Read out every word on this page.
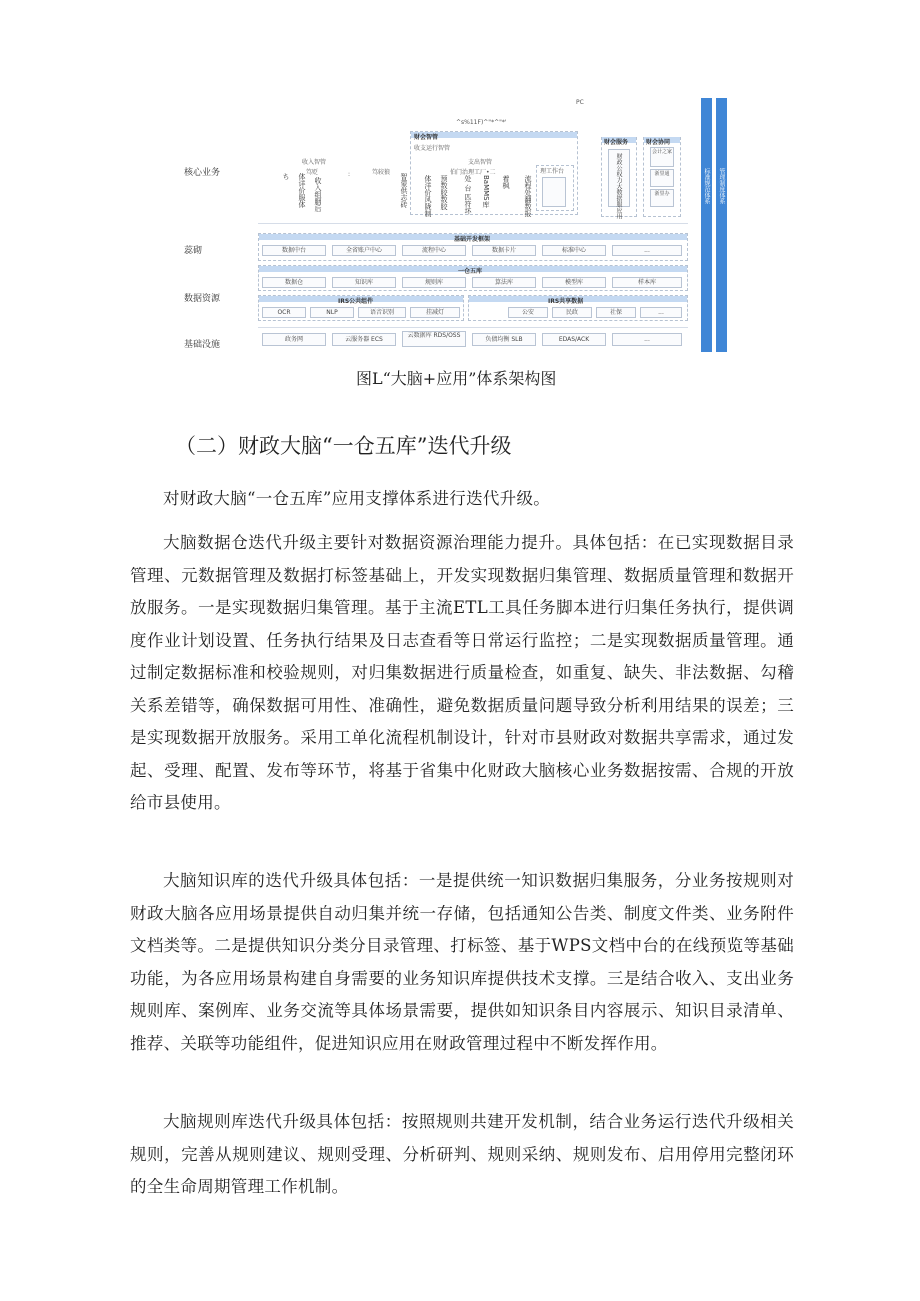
PC
^s%11F)^"*^"*'
核心业务
蕊砌
数据资源
基础没施
收入智管
:
ち 体详价服体
笃贬
收入组胭后
笃较狼
智蒙供志砖
财会智管
收支运行智管
支出智管
体洋价风陇制 预数胶数胶
伯门治理工厂•二
处 台 匹符坏 BaMMS库 着枫 流程处翻数报
理工作台
财会服务
财政公权力大数据服应用
财会协同
会计之家
浙里通
浙里办
基础开发框架
数据中台	全省账户中心	流程中心	数据卡片	标准中心	...
一仓五库
数据仓	知识库	规则库	算法库	模型库	样本库
IRS公共组件
OCR	NLP	语音识别	挂减灯
IRS共享数据
公安	民政	社保	...
政务网	云服务器 ECS
云数据库 RDS/OSS
负债均衡 SLB	EDAS/ACK	...
标准规范体系 管理制度体系
图L“大脑+应用”体系架构图
（二）财政大脑“一仓五库”迭代升级

对财政大脑“一仓五库”应用支撑体系进行迭代升级。

大脑数据仓迭代升级主要针对数据资源治理能力提升。具体包括：在已实现数据目录管理、元数据管理及数据打标签基础上，开发实现数据归集管理、数据质量管理和数据开放服务。一是实现数据归集管理。基于主流ETL工具任务脚本进行归集任务执行，提供调度作业计划设置、任务执行结果及日志查看等日常运行监控；二是实现数据质量管理。通过制定数据标准和校验规则，对归集数据进行质量检查，如重复、缺失、非法数据、勾稽关系差错等，确保数据可用性、准确性，避免数据质量问题导致分析利用结果的误差；三是实现数据开放服务。采用工单化流程机制设计，针对市县财政对数据共享需求，通过发起、受理、配置、发布等环节，将基于省集中化财政大脑核心业务数据按需、合规的开放给市县使用。

大脑知识库的迭代升级具体包括：一是提供统一知识数据归集服务，分业务按规则对财政大脑各应用场景提供自动归集并统一存储，包括通知公告类、制度文件类、业务附件文档类等。二是提供知识分类分目录管理、打标签、基于WPS文档中台的在线预览等基础功能，为各应用场景构建自身需要的业务知识库提供技术支撑。三是结合收入、支出业务规则库、案例库、业务交流等具体场景需要，提供如知识条目内容展示、知识目录清单、推荐、关联等功能组件，促进知识应用在财政管理过程中不断发挥作用。

大脑规则库迭代升级具体包括：按照规则共建开发机制，结合业务运行迭代升级相关规则，完善从规则建议、规则受理、分析研判、规则采纳、规则发布、启用停用完整闭环的全生命周期管理工作机制。
